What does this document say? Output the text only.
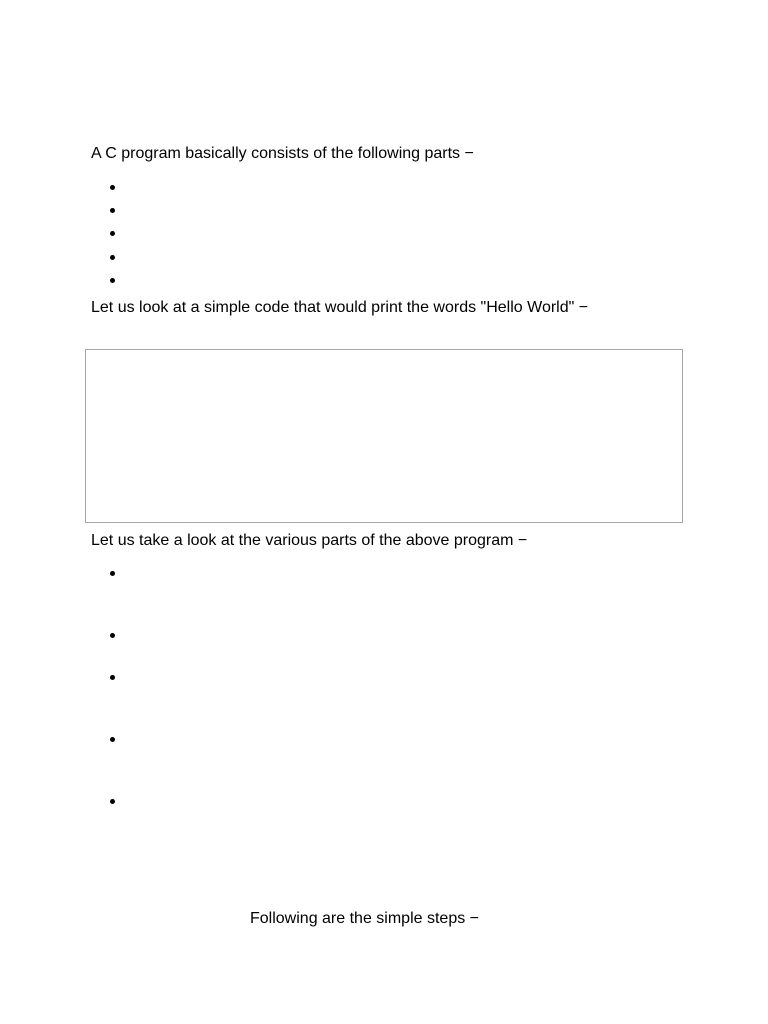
A C program basically consists of the following parts −
Let us look at a simple code that would print the words "Hello World" −
Let us take a look at the various parts of the above program −
Following are the simple steps −
